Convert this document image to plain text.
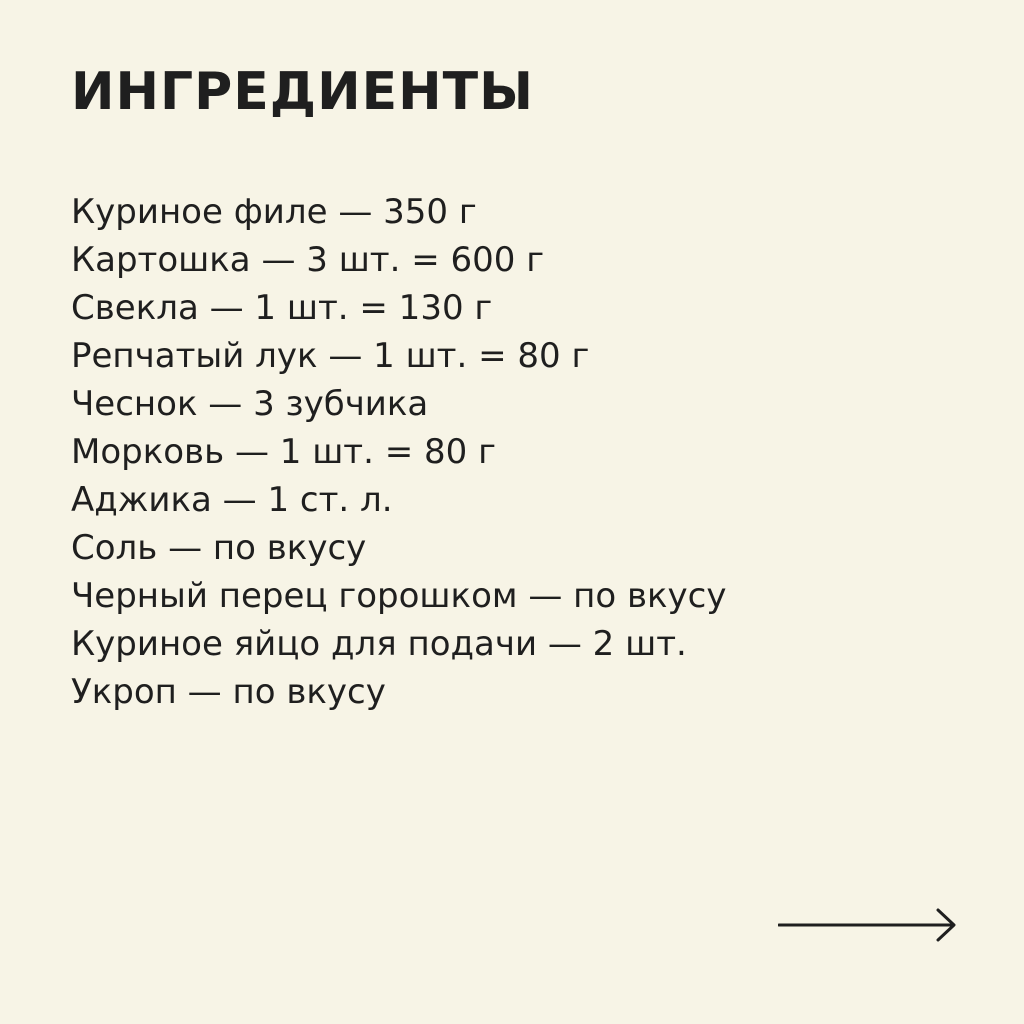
ИНГРЕДИЕНТЫ
Куриное филе — 350 г
Картошка — 3 шт. = 600 г
Свекла — 1 шт. = 130 г
Репчатый лук — 1 шт. = 80 г
Чеснок — 3 зубчика
Морковь — 1 шт. = 80 г
Аджика — 1 ст. л.
Соль — по вкусу
Черный перец горошком — по вкусу
Куриное яйцо для подачи — 2 шт.
Укроп — по вкусу
